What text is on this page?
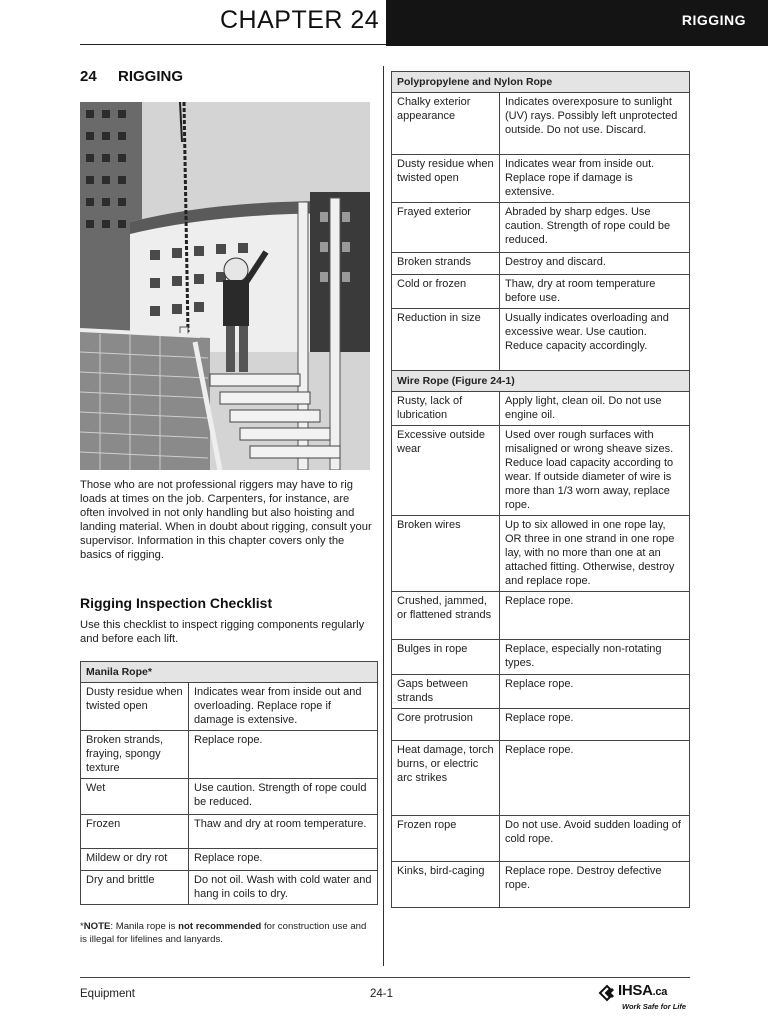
CHAPTER 24	RIGGING
24 RIGGING

Those who are not professional riggers may have to rig loads at times on the job. Carpenters, for instance, are often involved in not only handling but also hoisting and landing material. When in doubt about rigging, consult your supervisor. Information in this chapter covers only the basics of rigging.

Rigging Inspection Checklist

Use this checklist to inspect rigging components regularly and before each lift.

Manila Rope*	
Dusty residue when twisted open	Indicates wear from inside out and overloading. Replace rope if damage is extensive.
Broken strands, fraying, spongy texture	Replace rope.
Wet	Use caution. Strength of rope could be reduced.
Frozen	Thaw and dry at room temperature.
Mildew or dry rot	Replace rope.
Dry and brittle	Do not oil. Wash with cold water and hang in coils to dry.

*NOTE: Manila rope is not recommended for construction use and is illegal for lifelines and lanyards.

Polypropylene and Nylon Rope	
Chalky exterior appearance	Indicates overexposure to sunlight (UV) rays. Possibly left unprotected outside. Do not use. Discard.
Dusty residue when twisted open	Indicates wear from inside out. Replace rope if damage is extensive.
Frayed exterior	Abraded by sharp edges. Use caution. Strength of rope could be reduced.
Broken strands	Destroy and discard.
Cold or frozen	Thaw, dry at room temperature before use.
Reduction in size	Usually indicates overloading and excessive wear. Use caution. Reduce capacity accordingly.
Wire Rope (Figure 24-1)	
Rusty, lack of lubrication	Apply light, clean oil. Do not use engine oil.
Excessive outside wear	Used over rough surfaces with misaligned or wrong sheave sizes. Reduce load capacity according to wear. If outside diameter of wire is more than 1/3 worn away, replace rope.
Broken wires	Up to six allowed in one rope lay, OR three in one strand in one rope lay, with no more than one at an attached fitting. Otherwise, destroy and replace rope.
Crushed, jammed, or flattened strands	Replace rope.
Bulges in rope	Replace, especially non-rotating types.
Gaps between strands	Replace rope.
Core protrusion	Replace rope.
Heat damage, torch burns, or electric arc strikes	Replace rope.
Frozen rope	Do not use. Avoid sudden loading of cold rope.
Kinks, bird-caging	Replace rope. Destroy defective rope.
Equipment	24-1	IHSA.ca
Work Safe for Life
